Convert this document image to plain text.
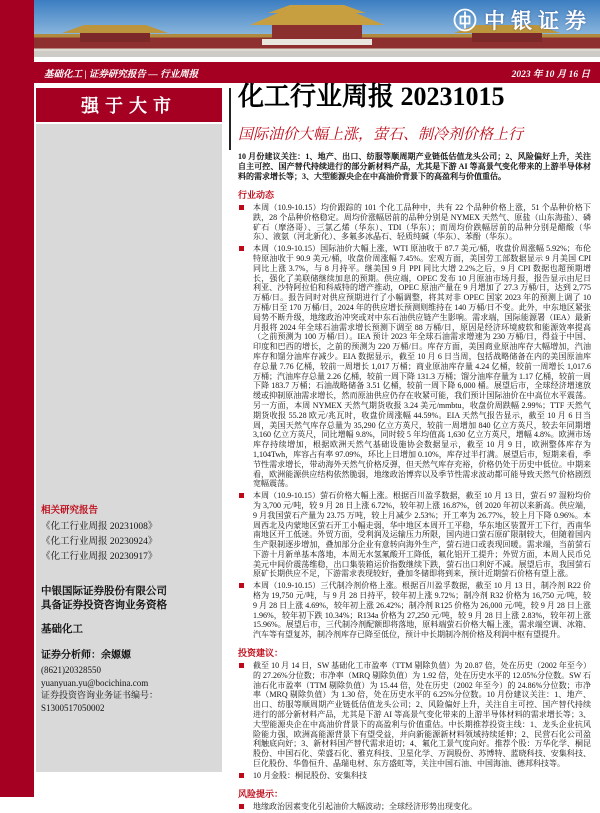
中银证券
基础化工 | 证券研究报告 — 行业周报	2023 年 10 月 16 日
强于大市
相关研究报告
《化工行业周报 20231008》
《化工行业周报 20230924》
《化工行业周报 20230917》
中银国际证券股份有限公司
具备证券投资咨询业务资格
基础化工
证券分析师：余嫄嫄
(8621)20328550
yuanyuan.yu@bocichina.com
证券投资咨询业务证书编号：S1300517050002
化工行业周报 20231015
国际油价大幅上涨，萤石、制冷剂价格上行
10 月份建议关注：1、地产、出口、纺服等顺周期产业链低估值龙头公司；2、风险偏好上升，关注自主可控、国产替代持续进行的部分新材料产品，尤其是下游 AI 等高景气变化带来的上游半导体材料的需求增长等；3、大型能源央企在中高油价背景下的高盈利与价值重估。
行业动态
本周（10.9-10.15）均价跟踪的 101 个化工品种中，共有 22 个品种价格上涨，51 个品种价格下跌，28 个品种价格稳定。周均价涨幅居前的品种分别是 NYMEX 天然气、原盐（山东海盐）、磷矿石（摩洛哥）、三氯乙烯（华东）、TDI（华东）；而周均价跌幅居前的品种分别是醋酸（华东）、液氨（河北新化）、多氟多冰晶石、轻质纯碱（华东）、苯酚（华东）。
本周（10.9-10.15）国际油价大幅上涨，WTI 原油收于 87.7 美元/桶，收盘价周涨幅 5.92%；布伦特原油收于 90.9 美元/桶，收盘价周涨幅 7.45%。宏观方面，美国劳工部数据显示 9 月美国 CPI 同比上涨 3.7%，与 8 月持平。继美国 9 月 PPI 同比大增 2.2%之后，9 月 CPI 数据也超预期增长，强化了美联储继续加息的预期。供应端，OPEC 发布 10 月原油市场月报，报告显示由尼日利亚、沙特阿拉伯和科威特的增产推动，OPEC 原油产量在 9 月增加了 27.3 万桶/日，达到 2,775 万桶/日。报告同时对供应预期进行了小幅调整，将其对非 OPEC 国家 2023 年的预测上调了 10 万桶/日至 170 万桶/日，2024 年的供应增长预测则维持在 140 万桶/日不变。此外，中东地区紧张局势不断升级，地缘政治冲突或对中东石油供应链产生影响。需求端，国际能源署（IEA）最新月报将 2024 年全球石油需求增长预测下调至 88 万桶/日，原因是经济环境疲软和能源效率提高（之前预测为 100 万桶/日）。IEA 预计 2023 年全球石油需求增速为 230 万桶/日，得益于中国、印度和巴西的增长，之前的预测为 220 万桶/日。库存方面，美国商业原油库存大幅增加，汽油库存和馏分油库存减少。EIA 数据显示，截至 10 月 6 日当周，包括战略储备在内的美国原油库存总量 7.76 亿桶，较前一周增长 1,017 万桶；商业原油库存量 4.24 亿桶，较前一周增长 1,017.6 万桶；汽油库存总量 2.26 亿桶，较前一周下降 131.3 万桶；馏分油库存量为 1.17 亿桶，较前一周下降 183.7 万桶；石油战略储备 3.51 亿桶，较前一周下降 6,000 桶。展望后市，全球经济增速放缓或抑制原油需求增长，然而原油供应仍存在收紧可能，我们预计国际油价在中高位水平震荡。另一方面，本周 NYMEX 天然气期货收报 3.24 美元/mmbtu，收盘价周跌幅 2.99%；TTF 天然气期货收报 55.28 欧元/兆瓦时，收盘价周涨幅 44.59%。EIA 天然气报告显示，截至 10 月 6 日当周，美国天然气库存总量为 35,290 亿立方英尺，较前一周增加 840 亿立方英尺，较去年同期增 3,160 亿立方英尺，同比增幅 9.8%，同时较 5 年均值高 1,630 亿立方英尺，增幅 4.8%。欧洲市场库存持续增加，根据欧洲天然气基础设施协会数据显示，截至 10 月 9 日，欧洲整体库存为 1,104Twh，库容占有率 97.09%，环比上日增加 0.10%，库存过半打满。展望后市，短期来看，季节性需求增长，带动海外天然气价格反弹，但天然气库存充裕，价格仍处于历史中低位。中期来看，欧洲能源供应结构依然脆弱，地缘政治博弈以及季节性需求波动都可能导致天然气价格剧烈宽幅震荡。
本周（10.9-10.15）萤石价格大幅上涨。根据百川盈孚数据，截至 10 月 13 日，萤石 97 湿粉均价为 3,700 元/吨，较 9 月 28 日上涨 6.72%，较年初上涨 16.87%，创 2020 年初以来新高。供应端，9 月我国萤石产量为 23.75 万吨，较上月减少 2.53%；开工率为 26.77%，较上月下降 0.96%。本周西北及内蒙地区萤石开工小幅走弱，华中地区本周开工平稳，华东地区装置开工下行，西南华南地区开工低迷。外贸方面，受利润及运输压力所限，国内进口萤石原矿限制较大，但随着国内生产限制逐步增加，叠加部分企业有意转向海外生产，萤石进口或表现回暖。需求端，当前萤石下游十月新单基本落地，本周无水氢氟酸开工降低，氟化铝开工提升；外贸方面，本周人民币兑美元中间价震荡维稳，出口集装箱运价指数继续下跌，萤石出口利好不减。展望后市，我国萤石原矿长期供应不足，下游需求表现较好，叠加冬储即将到来，预计近期萤石价格有望上涨。
本周（10.9-10.15）三代制冷剂价格上涨。根据百川盈孚数据，截至 10 月 13 日，制冷剂 R22 价格为 19,750 元/吨，与 9 月 28 日持平，较年初上涨 9.72%；制冷剂 R32 价格为 16,750 元/吨，较 9 月 28 日上涨 4.69%，较年初上涨 26.42%；制冷剂 R125 价格为 26,000 元/吨，较 9 月 28 日上涨 1.96%，较年初下跌 10.34%；R134a 价格为 27,250 元/吨，较 9 月 28 日上涨 2.83%，较年初上涨 15.96%。展望后市，三代制冷剂配额即将落地，原料端萤石价格大幅上涨，需求端空调、冰箱、汽车等有望复苏，制冷剂库存已降至低位，预计中长期制冷剂价格及利润中枢有望提升。
投资建议：
截至 10 月 14 日，SW 基础化工市盈率（TTM 剔除负值）为 20.87 倍，处在历史（2002 年至今）的 27.26%分位数；市净率（MRQ 剔除负值）为 1.92 倍，处在历史水平的 12.05%分位数。SW 石油石化市盈率（TTM 剔除负值）为 15.44 倍，处在历史（2002 年至今）的 24.86%分位数；市净率（MRQ 剔除负值）为 1.30 倍，处在历史水平的 6.25%分位数。10 月份建议关注：1、地产、出口、纺服等顺周期产业链低估值龙头公司；2、风险偏好上升，关注自主可控、国产替代持续进行的部分新材料产品，尤其是下游 AI 等高景气变化带来的上游半导体材料的需求增长等；3、大型能源央企在中高油价背景下的高盈利与价值重估。中长期推荐投资主线：1、龙头企业抗风险能力强，欧洲高能源背景下有望受益，并向新能源新材料领域持续延伸；2、民营石化公司盈利触底向好；3、新材料国产替代需求迫切；4、氟化工景气度向好。推荐个股：万华化学、桐昆股份、中国石化、荣盛石化、雅克科技、卫星化学、万润股份、苏博特、蓝晓科技、安集科技、巨化股份、华鲁恒升、晶瑞电材、东方盛虹等，关注中国石油、中国海油、德邦科技等。
10 月金股：桐昆股份、安集科技
风险提示：
地缘政治因素变化引起油价大幅波动；全球经济形势出现变化。
